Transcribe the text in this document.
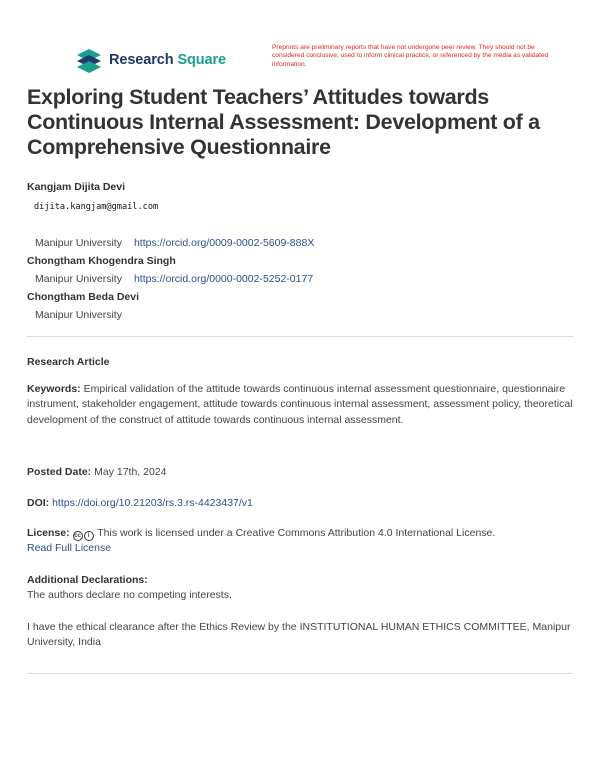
Research Square
Preprints are preliminary reports that have not undergone peer review. They should not be considered conclusive, used to inform clinical practice, or referenced by the media as validated information.
Exploring Student Teachers’ Attitudes towards Continuous Internal Assessment: Development of a Comprehensive Questionnaire
Kangjam Dijita Devi
dijita.kangjam@gmail.com
Manipur University https://orcid.org/0009-0002-5609-888X
Chongtham Khogendra Singh
Manipur University https://orcid.org/0000-0002-5252-0177
Chongtham Beda Devi
Manipur University
Research Article
Keywords: Empirical validation of the attitude towards continuous internal assessment questionnaire, questionnaire instrument, stakeholder engagement, attitude towards continuous internal assessment, assessment policy, theoretical development of the construct of attitude towards continuous internal assessment.
Posted Date: May 17th, 2024
DOI: https://doi.org/10.21203/rs.3.rs-4423437/v1
License: cc i This work is licensed under a Creative Commons Attribution 4.0 International License.
Read Full License
Additional Declarations:
The authors declare no competing interests.
I have the ethical clearance after the Ethics Review by the INSTITUTIONAL HUMAN ETHICS COMMITTEE, Manipur University, India
